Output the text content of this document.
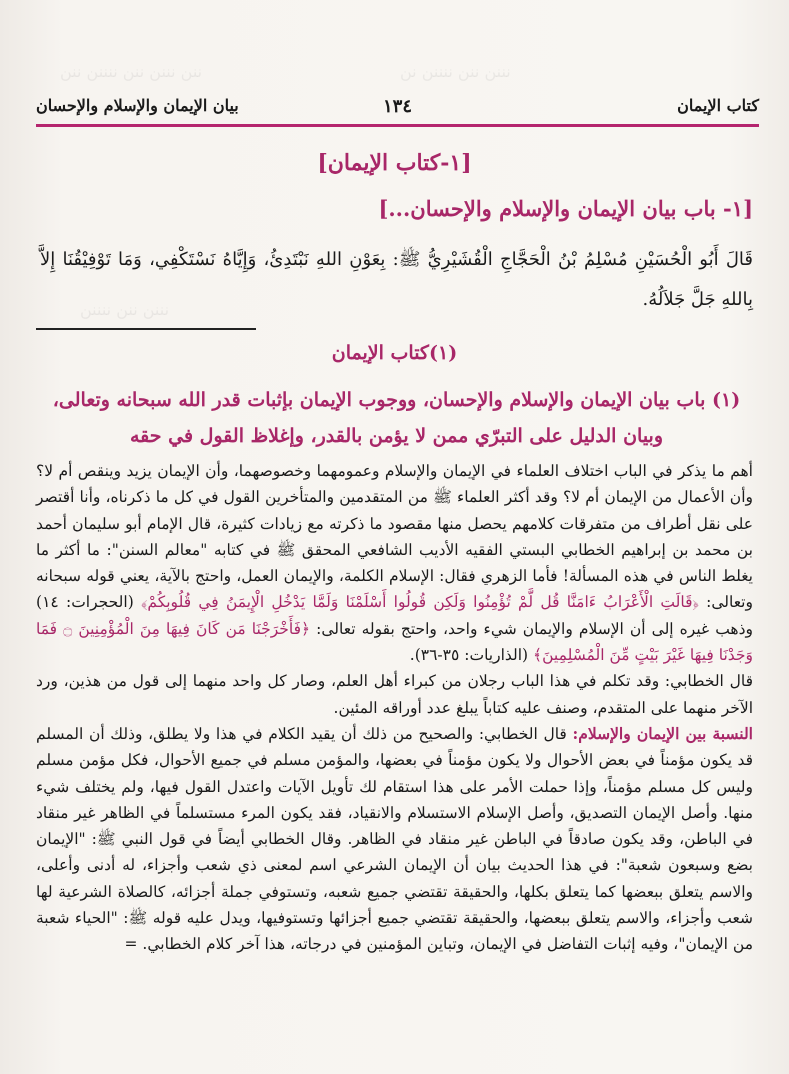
ننن نننن ننن ننننن ننن	نننن ننن ننننن نن
نننن ننن ننننن
كتاب الإيمان
١٣٤
بيان الإيمان والإسلام والإحسان
[١-كتاب الإيمان]
[١- باب بيان الإيمان والإسلام والإحسان...]
قَالَ أَبُو الْحُسَيْنِ مُسْلِمُ بْنُ الْحَجَّاجِ الْقُشَيْرِيُّ ﷺ: بِعَوْنِ اللهِ نَبْتَدِئُ، وَإِيَّاهُ نَسْتَكْفِي، وَمَا تَوْفِيْقُنَا إِلاَّ بِاللهِ جَلَّ جَلاَلُهُ.
(١)كتاب الإيمان
(١) باب بيان الإيمان والإسلام والإحسان، ووجوب الإيمان بإثبات قدر الله سبحانه وتعالى، وبيان الدليل على التبرّي ممن لا يؤمن بالقدر، وإغلاظ القول في حقه

أهم ما يذكر في الباب اختلاف العلماء في الإيمان والإسلام وعمومهما وخصوصهما، وأن الإيمان يزيد وينقص أم لا؟ وأن الأعمال من الإيمان أم لا؟ وقد أكثر العلماء ﷺ من المتقدمين والمتأخرين القول في كل ما ذكرناه، وأنا أقتصر على نقل أطراف من متفرقات كلامهم يحصل منها مقصود ما ذكرته مع زيادات كثيرة، قال الإمام أبو سليمان أحمد بن محمد بن إبراهيم الخطابي البستي الفقيه الأديب الشافعي المحقق ﷺ في كتابه "معالم السنن": ما أكثر ما يغلط الناس في هذه المسألة! فأما الزهري فقال: الإسلام الكلمة، والإيمان العمل، واحتج بالآية، يعني قوله سبحانه وتعالى: ﴿قَالَتِ الْأَعْرَابُ ءَامَنَّا قُل لَّمْ تُؤْمِنُوا وَلَكِن قُولُوا أَسْلَمْنَا وَلَمَّا يَدْخُلِ الْإِيمَنُ فِي قُلُوبِكُمْ﴾ (الحجرات: ١٤) وذهب غيره إلى أن الإسلام والإيمان شيء واحد، واحتج بقوله تعالى: ﴿فَأَخْرَجْنَا مَن كَانَ فِيهَا مِنَ الْمُؤْمِنِينَ ۝ فَمَا وَجَدْنَا فِيهَا غَيْرَ بَيْتٍ مِّنَ الْمُسْلِمِينَ﴾ (الذاريات: ٣٥-٣٦).

قال الخطابي: وقد تكلم في هذا الباب رجلان من كبراء أهل العلم، وصار كل واحد منهما إلى قول من هذين، ورد الآخر منهما على المتقدم، وصنف عليه كتاباً يبلغ عدد أوراقه المئين.

النسبة بين الإيمان والإسلام: قال الخطابي: والصحيح من ذلك أن يقيد الكلام في هذا ولا يطلق، وذلك أن المسلم قد يكون مؤمناً في بعض الأحوال ولا يكون مؤمناً في بعضها، والمؤمن مسلم في جميع الأحوال، فكل مؤمن مسلم وليس كل مسلم مؤمناً، وإذا حملت الأمر على هذا استقام لك تأويل الآيات واعتدل القول فيها، ولم يختلف شيء منها. وأصل الإيمان التصديق، وأصل الإسلام الاستسلام والانقياد، فقد يكون المرء مستسلماً في الظاهر غير منقاد في الباطن، وقد يكون صادقاً في الباطن غير منقاد في الظاهر. وقال الخطابي أيضاً في قول النبي ﷺ: "الإيمان بضع وسبعون شعبة": في هذا الحديث بيان أن الإيمان الشرعي اسم لمعنى ذي شعب وأجزاء، له أدنى وأعلى، والاسم يتعلق ببعضها كما يتعلق بكلها، والحقيقة تقتضي جميع شعبه، وتستوفي جملة أجزائه، كالصلاة الشرعية لها شعب وأجزاء، والاسم يتعلق ببعضها، والحقيقة تقتضي جميع أجزائها وتستوفيها، ويدل عليه قوله ﷺ: "الحياء شعبة من الإيمان"، وفيه إثبات التفاضل في الإيمان، وتباين المؤمنين في درجاته، هذا آخر كلام الخطابي. =
